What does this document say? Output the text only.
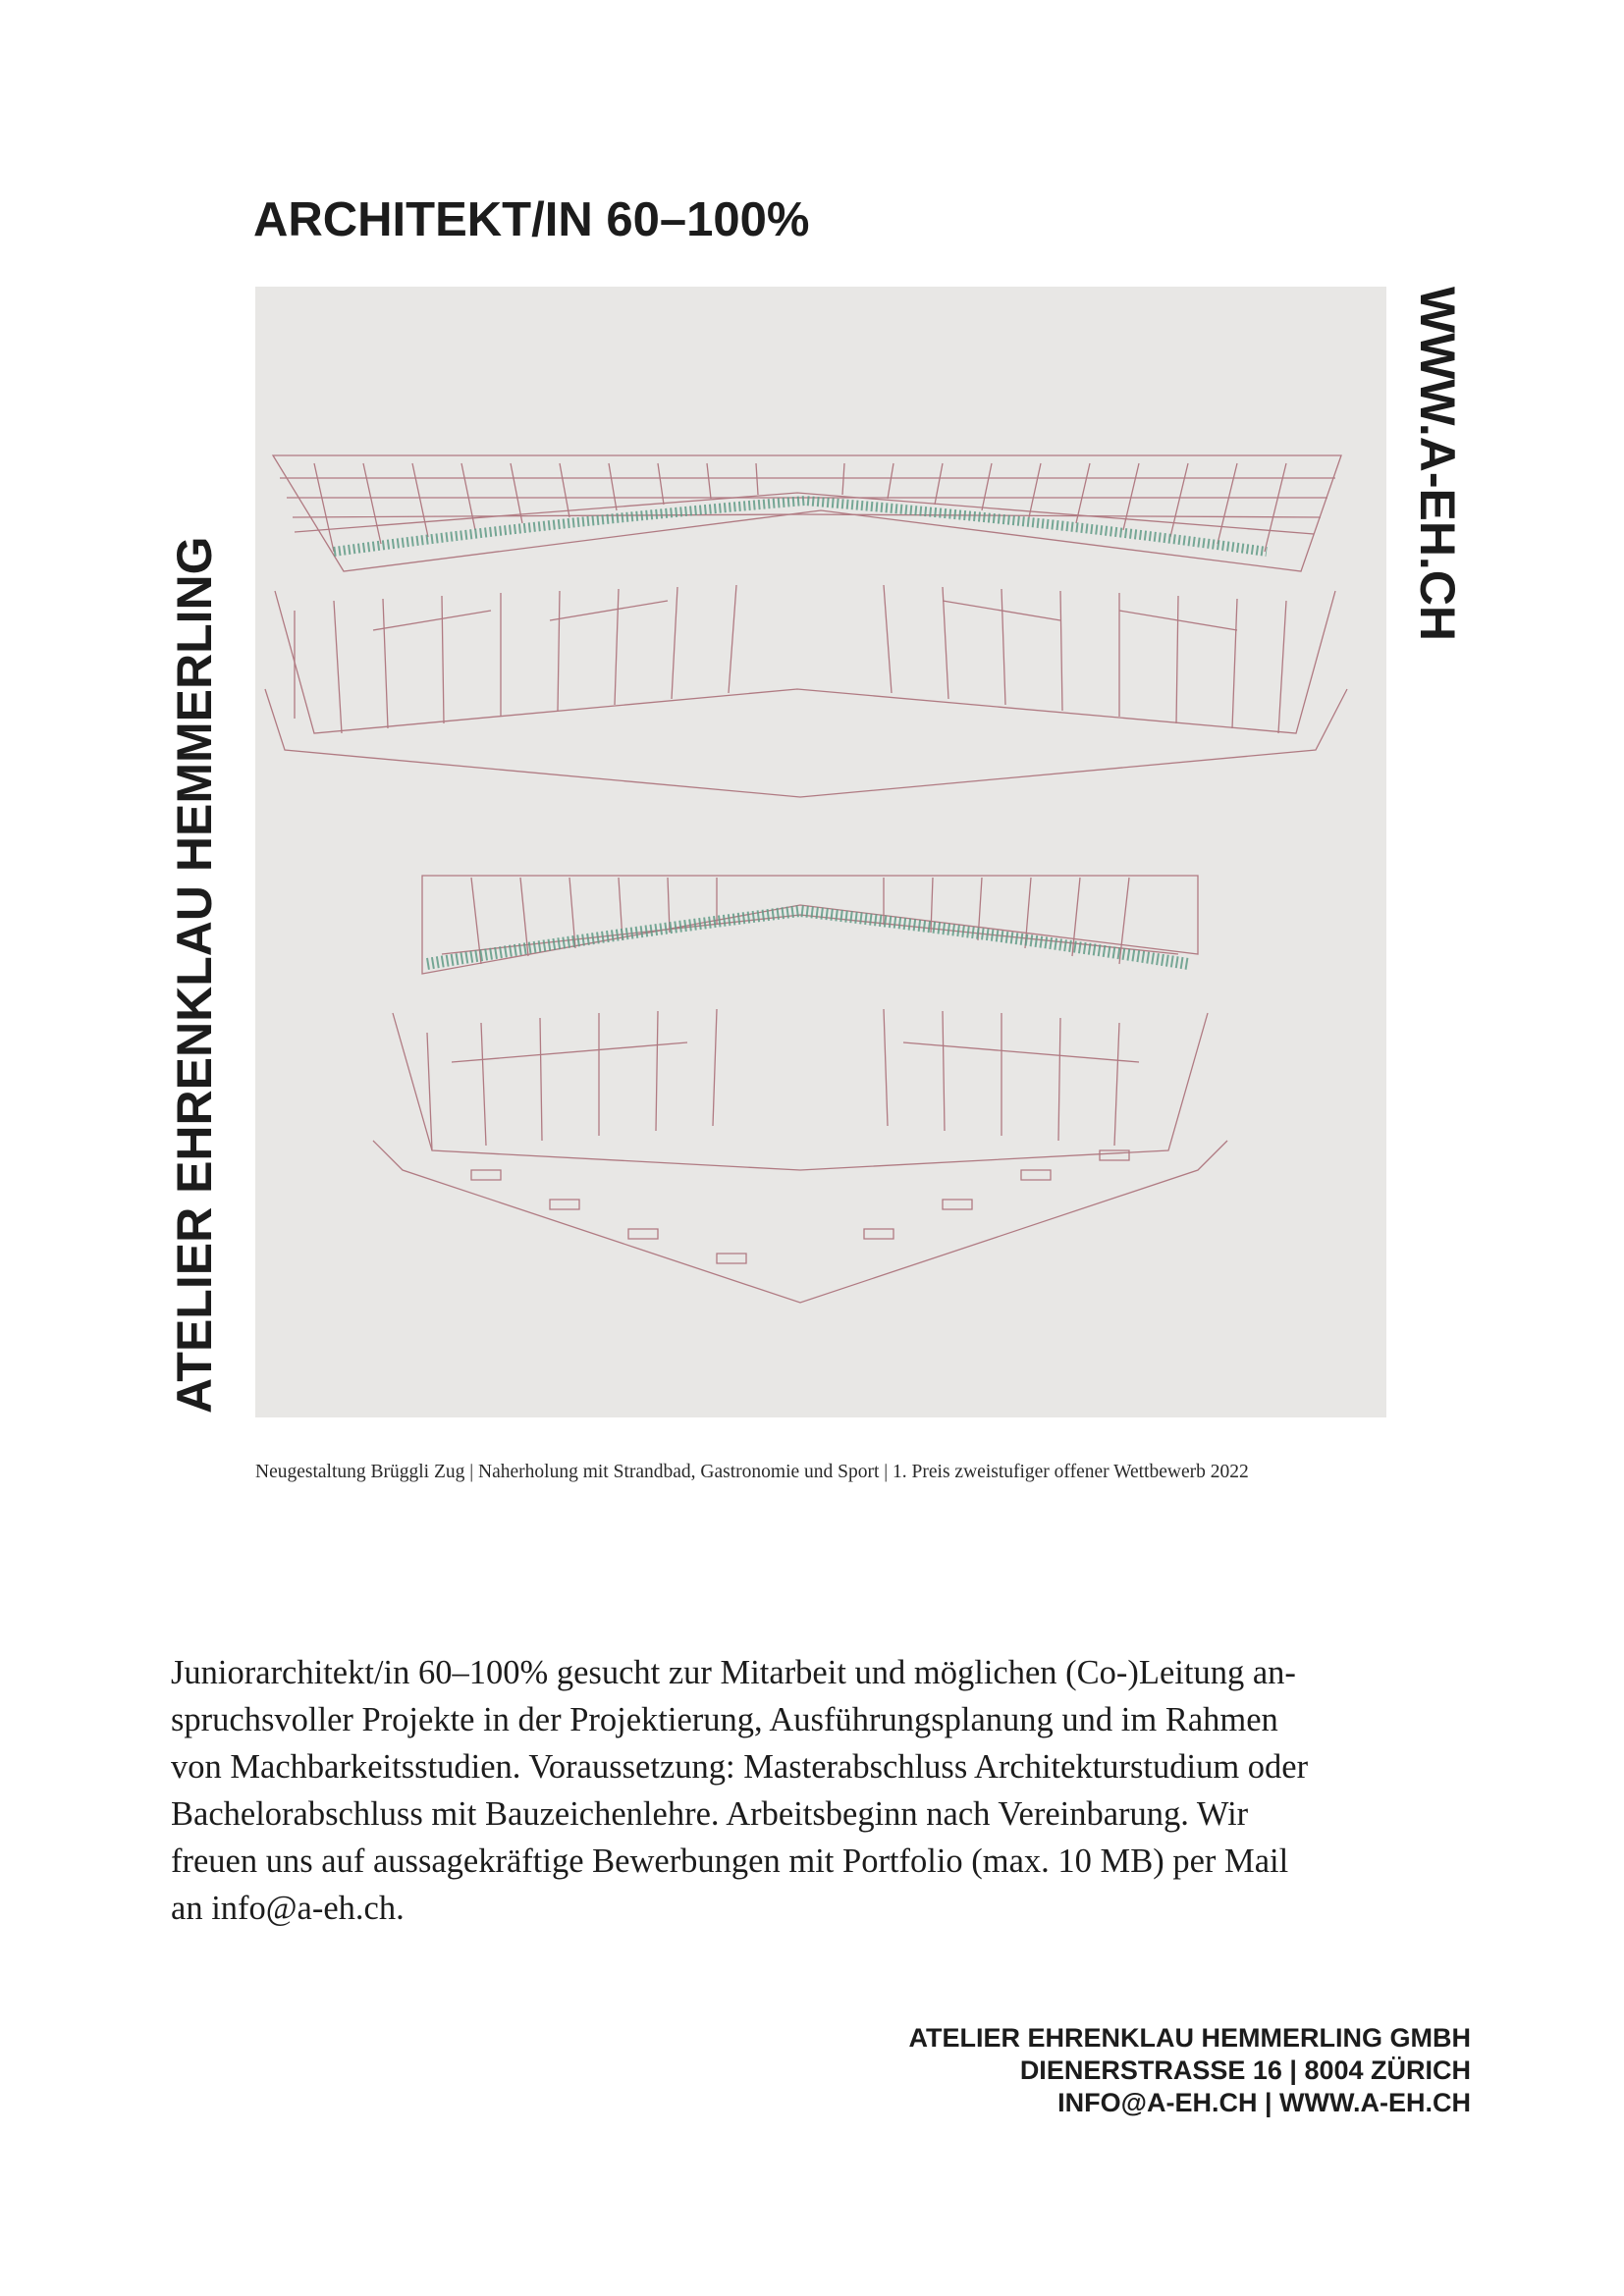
ARCHITEKT/IN 60–100%
ATELIER EHRENKLAU HEMMERLING
WWW.A-EH.CH
Neugestaltung Brüggli Zug | Naherholung mit Strandbad, Gastronomie und Sport | 1. Preis zweistufiger offener Wettbewerb 2022
Juniorarchitekt/in 60–100% gesucht zur Mitarbeit und möglichen (Co-)Leitung an-
spruchsvoller Projekte in der Projektierung, Ausführungsplanung und im Rahmen
von Machbarkeitsstudien. Voraussetzung: Masterabschluss Architekturstudium oder
Bachelorabschluss mit Bauzeichenlehre. Arbeitsbeginn nach Vereinbarung. Wir
freuen uns auf aussagekräftige Bewerbungen mit Portfolio (max. 10 MB) per Mail
an info@a-eh.ch.
ATELIER EHRENKLAU HEMMERLING GMBH
DIENERSTRASSE 16 | 8004 ZÜRICH
INFO@A-EH.CH | WWW.A-EH.CH
